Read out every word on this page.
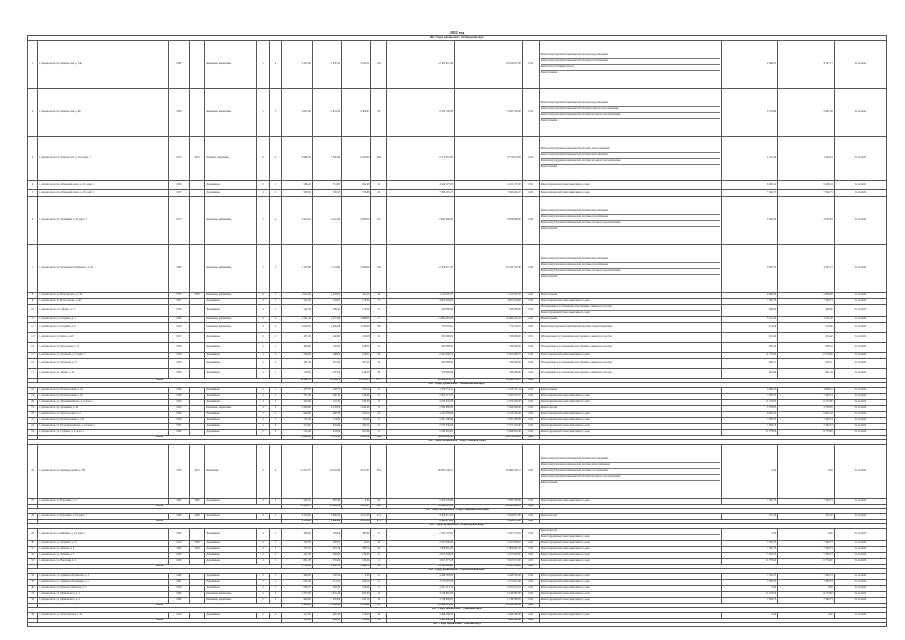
2022 год
МО "Город Архангельск" Октябрьский округ																	
1	г. Архангельск, пр. Ломоносова, д. 130	1960		Каменные, кирпичные	5	4	2 187,00	1 987,20	2 100,51	103	11 185 927,40	16 196 957,00	0,00	Ремонт внутридомовой инженерной системы водоотведения
Ремонт внутридомовой инженерной системы газоснабжения
Ремонт или утепление фасада
Ремонт крыши	4 899,05	4 197,71	31.12.2024
2	г. Архангельск, пр. Ломоносова, д. 99	1959		Каменные, кирпичные	5	3	2 807,00	1 821,20	2 400,07	83	9 122 720,00	9 392 720,00	0,00	Ремонт внутридомовой инженерной системы водоотведения
Ремонт внутридомовой инженерной системы горячего водоснабжения
Ремонт внутридомовой инженерной системы холодного водоснабжения
Ремонт крыши	3 176,99	2 991,89	31.12.2024
3	г. Архангельск, пр. Ломоносова, д. 219, корп. 1	1973	1974	Блочные, панельные	9	4	8 999,30	7 345,40	6 313,00	264	9 775 672,00	9 775 672,00	0,00	Ремонт внутридомовой инженерной системы теплоснабжения
Ремонт внутридомовой инженерной системы водоотведения
Ремонт внутридомовой инженерной системы холодного водоснабжения
Ремонт крыши	1 331,20	1 204,43	31.12.2024
4	г. Архангельск, пр. Обводный канал, д. 47, корп. 1	1956		Деревянные	2	1	566,40	351,60	394,00	25	4 916 177,00	4 916 177,00	0,00	Ремонт фундамента многоквартирного дома	8 286,54	8 286,54	31.12.2024
5	г. Архангельск, пр. Обводный канал, д. 59, корп. 1	1957		Деревянные	2	2	998,30	700,97	716,88	42	7 096 291,27	7 096 291,27	0,00	Ремонт фундамента многоквартирного дома	7 364,73	7 364,73	31.12.2024
6	г. Архангельск, пр. Троицкий, д. 83, корп. 1	1973		Каменные, кирпичные	5	4	3 414,10	2 161,30	2 000,00	111	8 634 896,00	8 634 896,00	0,00	Ремонт внутридомовой инженерной системы водоотведения
Ремонт внутридомовой инженерной системы газоснабжения
Ремонт внутридомовой инженерной системы холодного водоснабжения
Ремонт крыши	2 390,45	2 203,83	31.12.2024
7	г. Архангельск, пр. Чумбарова-Лучинского, д. 16	1962		Каменные, кирпичные	5	3	2 125,00	1 713,90	2 026,49	148	11 220 977,30	10 229 179,30	0,00	Ремонт внутридомовой инженерной системы водоотведения
Ремонт внутридомовой инженерной системы газоснабжения
Ремонт внутридомовой инженерной системы холодного водоснабжения
Ремонт крыши	5 897,73	4 197,71	31.12.2024
8	г. Архангельск, ул. Володарского, д. 56	1975	1976	Каменные, кирпичные	9	1	1 614,40	1 239,00	541,50	64	1 512 437,70	1 512 437,70	0,00	Ремонт крыши	2 866,00	2 866,00	31.12.2024
9	г. Архангельск, ул. Вологодская, д. 48	1957		Деревянные	2	1	424,00	244,00	172,00	17	4 661 004,00	4 661 004,00	0,00	Ремонт фундамента многоквартирного дома	7 364,73	7 364,73	31.12.2024
10	г. Архангельск, ул. Гайдара, д. 17	1959		Деревянные	2	1	542,30	366,20	172,00	21	350 000,00	350 000,00	0,00	Обследование и установление конструкции, элементов и систем
Ремонт фундамента многоквартирного дома	466,00	466,00	31.12.2024
11	г. Архангельск, ул. Гагарина, д. 5	1960		Каменные, кирпичные	4	4	3 281,20	2 515,28	2 888,00	9	11 695 410,00	10 069 545,24	0,00	Ремонт крыши	3 221,20	3 221,20	31.12.2024
12	г. Архангельск, ул. Гагарина, д. 9	1959		Каменные, кирпичные	4	2	2 659,20	2 600,28	1 818,00	100	779 179,61	779 179,61	0,00	Ремонт внутридомовой инженерной системы электроснабжения	274,08	274,08	31.12.2024
13	г. Архангельск, ул. Карла, д. 48	1957		Деревянные	2	2	287,00	262,90	120,00	52	350 000,00	350 000,00	0,00	Обследование и установление конструкции, элементов и систем	915,40	915,40	31.12.2024
14	г. Архангельск, ул. Котласская, д. 17	1956		Деревянные	2	1	464,00	345,00	166,00	21	350 000,00	350 000,00	0,00	Обследование и установление конструкции, элементов и систем	985,44	985,44	31.12.2024
15	г. Архангельск, ул. Логинова, д. 5, корп. 1	1958		Деревянные	2	2	589,90	298,90	216,47	32	6 561 608,75	6 561 608,75	0,00	Ремонт фундамента многоквартирного дома	11 770,00	11 770,00	31.12.2024
16	г. Архангельск, ул. Логинова, д. 17	1959		Деревянные	2	2	391,30	251,40	181,20	12	350 000,00	350 000,00	0,00	Обследование и установление конструкции, элементов и систем	932,71	932,71	31.12.2024
17	г. Архангельск, ул. Тимме, д. 14	1959		Деревянные	2	1	743,00	547,00	196,00	33	350 000,00	350 000,00	0,00	Обследование и установление конструкции, элементов и систем	661,64	661,64	31.12.2024
	Итого						36 561,99	26 109,06	24 353,13	1 177	93 464 672,27	93 464 672,27	0,00				
МО "Город Архангельск" Ломоносовский округ																	
18	г. Архангельск, пр. Новгородский, д. 32	1960		Деревянные	2	1	479,70	343,70	183,71	21	1 276 731,12	1 276 731,12	0,00	Ремонт крыши	3 886,15	3 886,15	31.12.2024
19	г. Архангельск, пр. Новгородский, д. 42	1959		Деревянные	2	2	567,00	380,10	140,00	27	2 325 371,07	2 325 371,07	0,00	Ремонт фундамента многоквартирного дома	7 364,73	7 364,73	31.12.2024
20	г. Архангельск, ул. Обводный Канал, д. 8, корп. 1	1954		Деревянные	2	1	146,40	101,30	100,00	11	2 473 476,50	2 473 476,50	0,00	Ремонт фундамента многоквартирного дома	11 770,00	11 770,00	31.12.2024
21	г. Архангельск, пр. Троицкий, д. 44	1958		Каменные, кирпичные	4	2	3 456,90	2 343,00	2 024,00	73	7 844 800,00	7 844 800,00	0,00	Ремонт фасада	3 376,05	3 376,05	31.12.2024
22	г. Архангельск, ул. Карпогорская, д. 2	1959		Деревянные	2	4	806,80	600,30	244,50	32	4 147 038,40	4 147 038,40	0,00	Ремонт фундамента многоквартирного дома	6 661,52	6 661,52	31.12.2024
23	г. Архангельск, пр. Новгородский, д. 132	1952		Деревянные	2	3	721,00	721,00	183,00	9	2 447 280,00	2 447 280,00	0,00	Ремонт фундамента многоквартирного дома	7 364,73	7 364,73	31.12.2024
24	г. Архангельск, ул. Розы Люксембург, д. 14, корп. 1	1957		Деревянные	2	2	515,00	345,80	220,11	21	2 577 740,00	2 577 740,00	0,00	Ремонт фундамента многоквартирного дома	7 364,73	7 364,73	31.12.2024
25	г. Архангельск, ул. Суфтина, д. 8, корп. 1	1960		Деревянные	2	2	722,40	524,60	221,49	9	5 299 952,00	5 299 952,00	0,00	Ремонт фундамента многоквартирного дома	11 770,00	11 770,00	31.12.2024
	Итого						8 000,80	5 375,10	3 423,76	188	42 678 993,11	42 678 993,11	0,00				
МО "Город Архангельск" Округ Майская Горка																	
26	г. Архангельск, пр. Ленинградский, д. 387	1970	1970	Панельные	9	6	12 357,07	10 516,88	4 871,07	394	46 093 238,17	50 899 736,17	0,00	Ремонт внутридомовой инженерной системы водоотведения
Ремонт внутридомовой инженерной системы теплоснабжения
Ремонт внутридомовой инженерной системы газоснабжения
Ремонт внутридомовой инженерной системы холодного водоснабжения
Ремонт крыши	0,00	0,00	31.12.2024
27	г. Архангельск, ул. Воронина, д. 4	1962	1962	Деревянные	2	2	566,65	485,40	0,00	24	5 093 328,96	5 093 328,96	0,00	Ремонт фундамента многоквартирного дома	7 364,73	7 364,73	31.12.2024
	Итого						12 923,72	11 002,28	4 871,07	418	51 186 567,13	56 003 065,13	0,00				
МО "Город Архангельск" Округ Варавино-Фактория																	
28	г. Архангельск, ул. Воронина, д. 24, корп. 1	1966	1966	Деревянные	2	2	6 116,60	5 660,60	4 011,28	271	8 564 871,00	8 564 871,00	0,00	Ремонт фасада	301,30	301,30	31.12.2024
	Итого						6 116,60	5 660,60	4 011,28	271	8 564 871,00	8 564 871,00	0,00				
МО "Город Архангельск" Исакогорский округ																	
29	г. Архангельск, ул. Киприна, д. 23, корп. 1	1962		Деревянные	2	2	406,00	394,00	365,00	21	2 341 175,81	2 341 175,81	0,00	Ремонт фасада
Ремонт фундамента многоквартирного дома	0,00	0,00	31.12.2024
30	г. Архангельск, ул. Дежнёва, д. 12	1959	1958	Деревянные	2	1	795,50	285,00	74,00	18	2 527 939,62	2 527 939,62	0,00	Ремонт фундамента многоквартирного дома	7 364,73	7 364,73	31.12.2024
31	г. Архангельск, ул. Зеленая, д. 2	1962	1964	Деревянные	2	2	315,70	315,70	286,70	22	1 996 991,20	1 996 991,20	0,00	Ремонт фундамента многоквартирного дома	7 364,73	7 364,73	31.12.2024
32	г. Архангельск, ул. Зеленая, д. 5	1959		Деревянные	2	2	421,90	382,00	219,00	21	2 617 920,00	2 617 920,00	0,00	Ремонт фундамента многоквартирного дома	7 364,73	7 364,73	31.12.2024
33	г. Архангельск, ул. Нагорная, д. 4	1959		Деревянные	2	1	801,00	781,00	100,00	11	3 657 077,00	3 657 077,00	0,00	Ремонт фундамента многоквартирного дома	11 770,00	11 770,00	31.12.2024
	Итого						2 739,10	2 157,70	1 044,70	93	13 141 103,63	13 141 103,63	0,00				
МО "Город Архангельск" Соломбальский округ																	
34	г. Архангельск, ул. Адмирала Кузнецова, д. 4	1960		Деревянные	2	1	448,00	345,50	0,00	11	4 448 585,00	4 448 585,00	0,00	Ремонт фундамента многоквартирного дома	7 364,73	7 364,73	31.12.2024
35	г. Архангельск, ул. Адмирала Кузнецова, д. 5	1961		Деревянные	2	2	632,30	571,41	620,70	17	4 775 047,00	4 775 047,00	0,00	Ремонт фундамента многоквартирного дома	7 364,73	7 364,73	31.12.2024
36	г. Архангельск, ул. Красных Партизан, д. 4	1954		Деревянные	2	1	639,70	563,70	180,00	3	4 321 415,25	4 321 415,25	0,00	Ремонт фундамента многоквартирного дома	0,00	0,00	31.12.2024
37	г. Архангельск, ул. Маяковского, д. 4	1960		Каменные, кирпичные	2	2	1 375,00	1 301,40	813,00	21	4 519 887,00	4 519 887,00	0,00	Ремонт фундамента многоквартирного дома	11 770,00	11 770,00	31.12.2024
38	г. Архангельск, ул. Маяковского, д. 6	1960		Каменные, кирпичные	2	1	428,00	385,00	325,70	14	1 739 608,05	1 739 608,05	0,00	Ремонт фундамента многоквартирного дома	7 364,73	7 364,73	31.12.2024
	Итого						4 144,00	3 165,00	1 243,00	84	16 988 322,44	16 785 322,44	0,00				
МО "Город Архангельск" Северный округ																	
39	г. Архангельск, ул. Добролюбова, д. 24	1959		Деревянные	2	2	511,90	485,10	125,00	24	3 469 598,38	3 469 598,38	0,00	Ремонт фундамента многоквартирного дома	0,00	0,00	31.12.2024
	Итого						511,90	485,10	125,00	24	3 469 598,38	3 469 598,38	0,00				
МО "Город Архангельск" Рабочий округ																	
